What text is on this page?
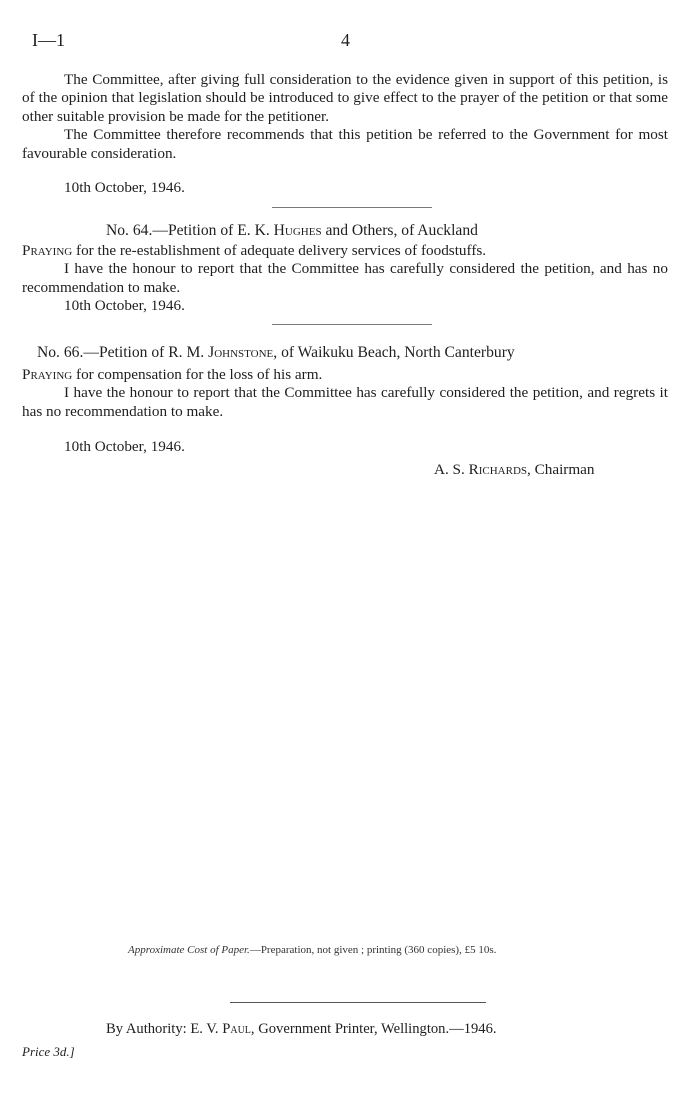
I—1	4

The Committee, after giving full consideration to the evidence given in support of this petition, is of the opinion that legislation should be introduced to give effect to the prayer of the petition or that some other suitable provision be made for the petitioner.

The Committee therefore recommends that this petition be referred to the Government for most favourable consideration.

10th October, 1946.
No. 64.—Petition of E. K. Hughes and Others, of Auckland

Praying for the re-establishment of adequate delivery services of foodstuffs.

I have the honour to report that the Committee has carefully considered the petition, and has no recommendation to make.

10th October, 1946.
No. 66.—Petition of R. M. Johnstone, of Waikuku Beach, North Canterbury

Praying for compensation for the loss of his arm.

I have the honour to report that the Committee has carefully considered the petition, and regrets it has no recommendation to make.

10th October, 1946.
A. S. Richards, Chairman
Approximate Cost of Paper.—Preparation, not given ; printing (360 copies), £5 10s.
By Authority: E. V. Paul, Government Printer, Wellington.—1946.
Price 3d.]
